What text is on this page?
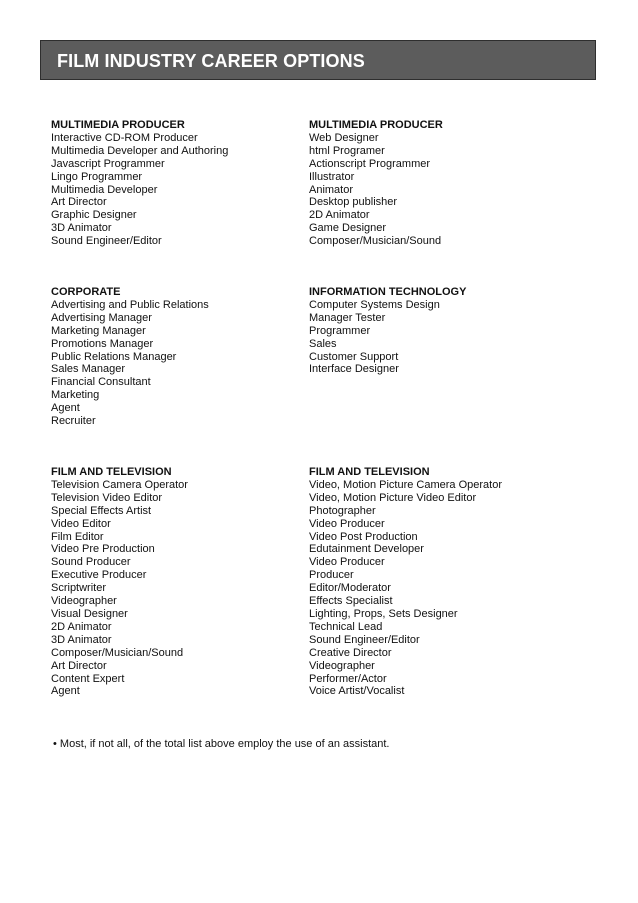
FILM INDUSTRY CAREER OPTIONS
MULTIMEDIA PRODUCER
Interactive CD-ROM Producer
Multimedia Developer and Authoring
Javascript Programmer
Lingo Programmer
Multimedia Developer
Art Director
Graphic Designer
3D Animator
Sound Engineer/Editor
MULTIMEDIA PRODUCER
Web Designer
html Programer
Actionscript Programmer
Illustrator
Animator
Desktop publisher
2D Animator
Game Designer
Composer/Musician/Sound
CORPORATE
Advertising and Public Relations
Advertising Manager
Marketing Manager
Promotions Manager
Public Relations Manager
Sales Manager
Financial Consultant
Marketing
Agent
Recruiter
INFORMATION TECHNOLOGY
Computer Systems Design
Manager Tester
Programmer
Sales
Customer Support
Interface Designer
FILM AND TELEVISION
Television Camera Operator
Television Video Editor
Special Effects Artist
Video Editor
Film Editor
Video Pre Production
Sound Producer
Executive Producer
Scriptwriter
Videographer
Visual Designer
2D Animator
3D Animator
Composer/Musician/Sound
Art Director
Content Expert
Agent
FILM AND TELEVISION
Video, Motion Picture Camera Operator
Video, Motion Picture Video Editor
Photographer
Video Producer
Video Post Production
Edutainment Developer
Video Producer
Producer
Editor/Moderator
Effects Specialist
Lighting, Props, Sets Designer
Technical Lead
Sound Engineer/Editor
Creative Director
Videographer
Performer/Actor
Voice Artist/Vocalist
• Most, if not all, of the total list above employ the use of an assistant.
